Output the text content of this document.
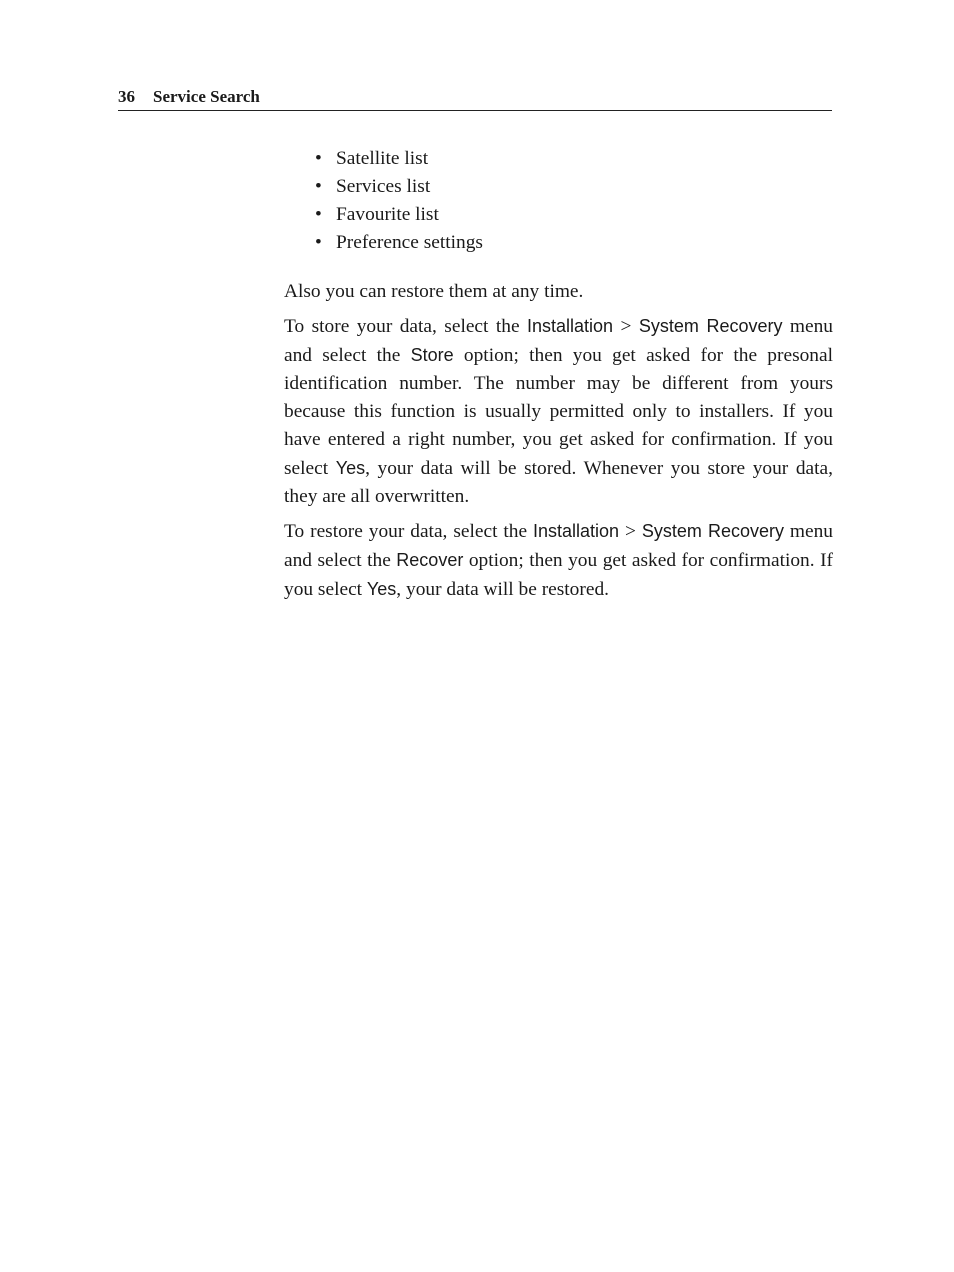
36 Service Search
• Satellite list
• Services list
• Favourite list
• Preference settings

Also you can restore them at any time.

To store your data, select the Installation > System Recovery menu and select the Store option; then you get asked for the presonal identification number. The number may be different from yours because this function is usually permitted only to installers. If you have entered a right number, you get asked for confirmation. If you select Yes, your data will be stored. Whenever you store your data, they are all overwritten.

To restore your data, select the Installation > System Recovery menu and select the Recover option; then you get asked for confirmation. If you select Yes, your data will be restored.
